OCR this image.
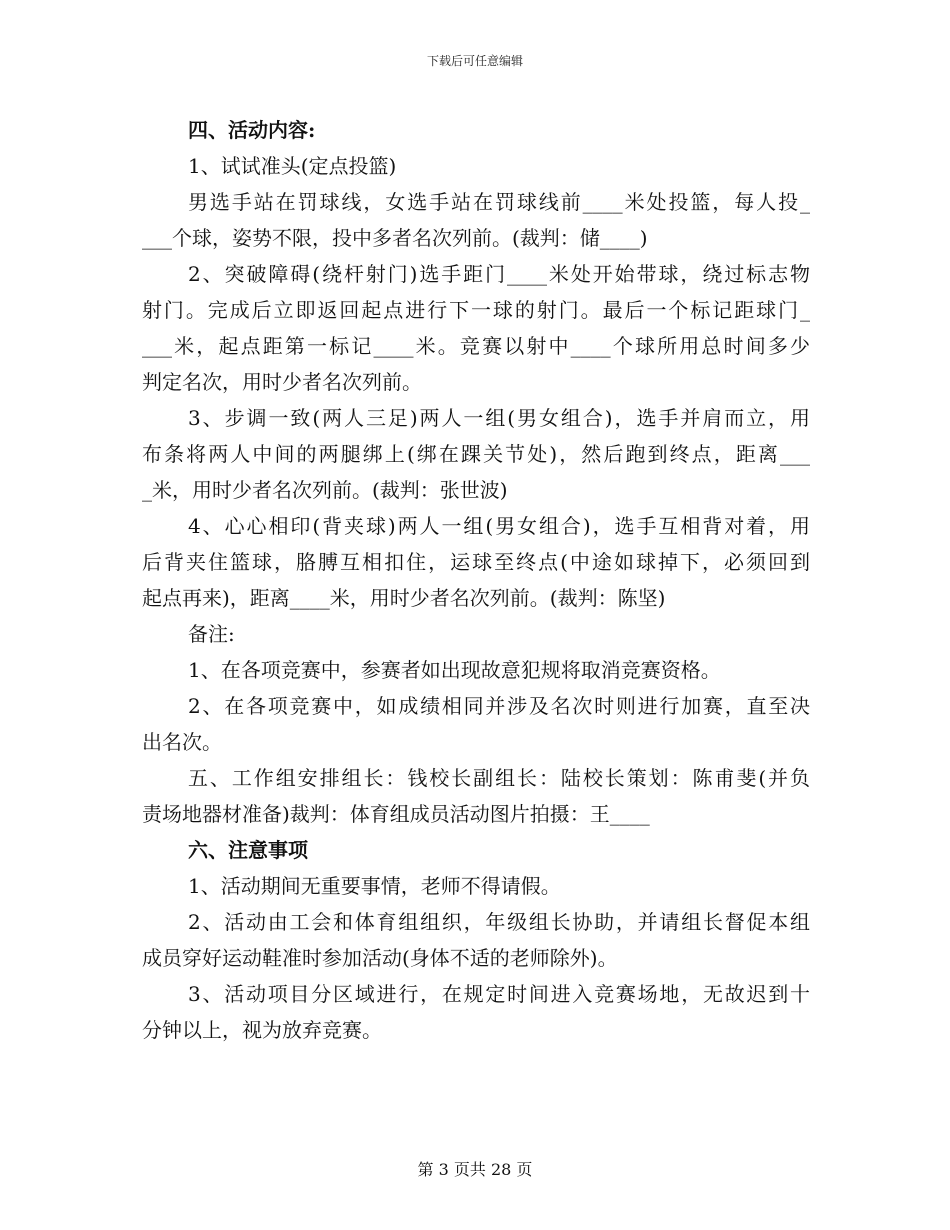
下载后可任意编辑
四、活动内容:
1、试试准头(定点投篮)
男选手站在罚球线，女选手站在罚球线前____米处投篮，每人投_
___个球，姿势不限，投中多者名次列前。(裁判：储____)
2、突破障碍(绕杆射门)选手距门____米处开始带球，绕过标志物
射门。完成后立即返回起点进行下一球的射门。最后一个标记距球门_
___米，起点距第一标记____米。竞赛以射中____个球所用总时间多少
判定名次，用时少者名次列前。
3、步调一致(两人三足)两人一组(男女组合)，选手并肩而立，用
布条将两人中间的两腿绑上(绑在踝关节处)，然后跑到终点，距离___
_米，用时少者名次列前。(裁判：张世波)
4、心心相印(背夹球)两人一组(男女组合)，选手互相背对着，用
后背夹住篮球，胳膊互相扣住，运球至终点(中途如球掉下，必须回到
起点再来)，距离____米，用时少者名次列前。(裁判：陈坚)
备注:
1、在各项竞赛中，参赛者如出现故意犯规将取消竞赛资格。
2、在各项竞赛中，如成绩相同并涉及名次时则进行加赛，直至决
出名次。
五、工作组安排组长：钱校长副组长：陆校长策划：陈甫斐(并负
责场地器材准备)裁判：体育组成员活动图片拍摄：王____
六、注意事项
1、活动期间无重要事情，老师不得请假。
2、活动由工会和体育组组织，年级组长协助，并请组长督促本组
成员穿好运动鞋准时参加活动(身体不适的老师除外)。
3、活动项目分区域进行，在规定时间进入竞赛场地，无故迟到十
分钟以上，视为放弃竞赛。
第 3 页共 28 页
